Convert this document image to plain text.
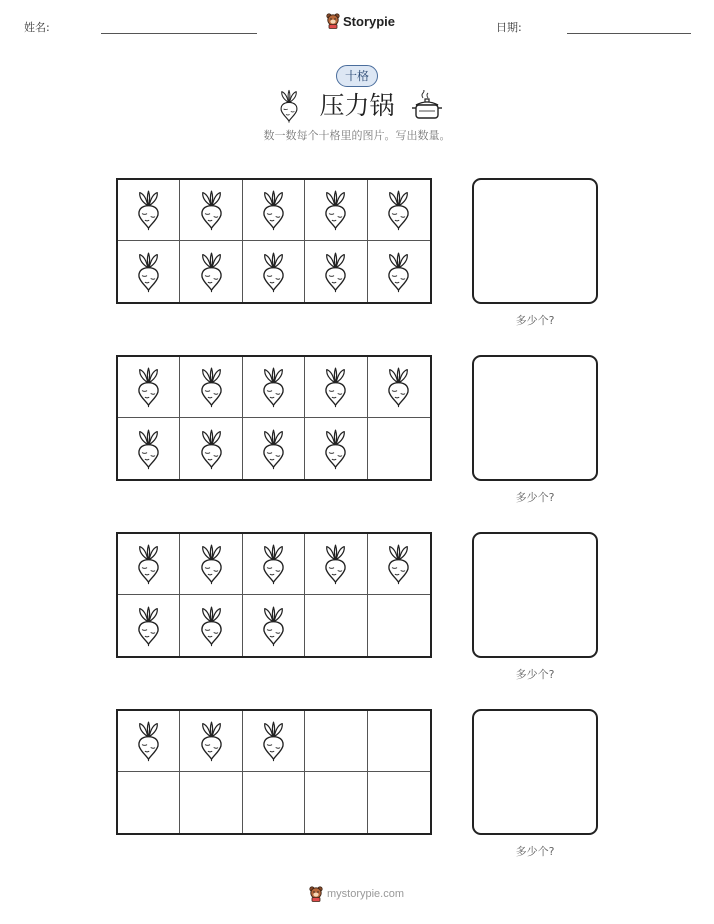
姓名:	Storypie	日期:
十格
压力锅
数一数每个十格里的图片。写出数量。
多少个?
多少个?
多少个?
多少个?
mystorypie.com
